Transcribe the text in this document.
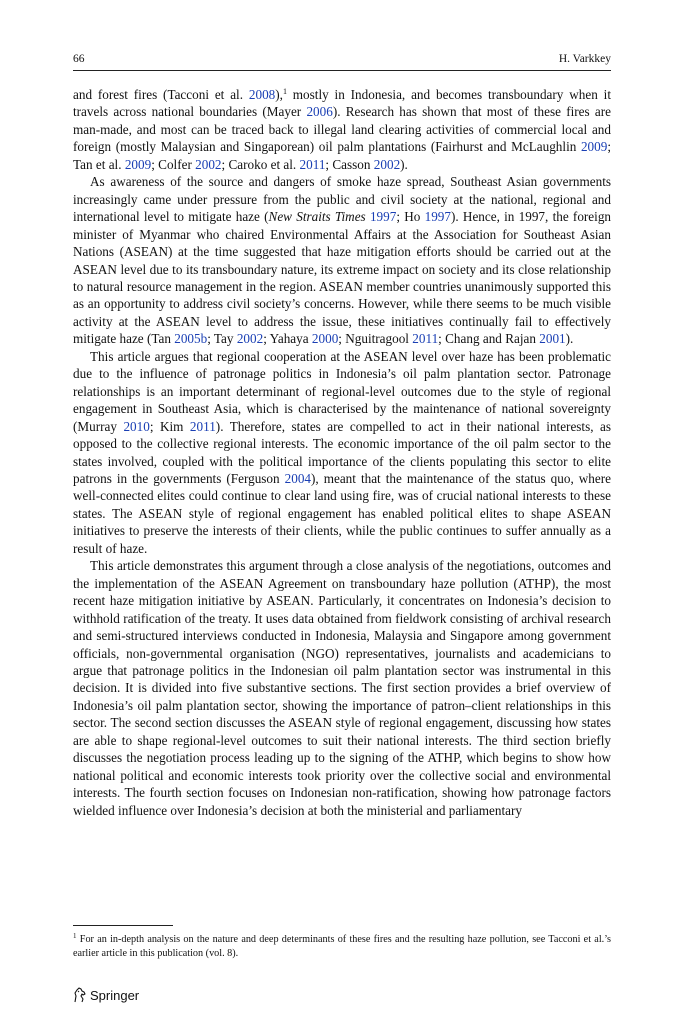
66	H. Varkkey

and forest fires (Tacconi et al. 2008),$^1$ mostly in Indonesia, and becomes transboundary when it travels across national boundaries (Mayer 2006). Research has shown that most of these fires are man-made, and most can be traced back to illegal land clearing activities of commercial local and foreign (mostly Malaysian and Singaporean) oil palm plantations (Fairhurst and McLaughlin 2009; Tan et al. 2009; Colfer 2002; Caroko et al. 2011; Casson 2002).

As awareness of the source and dangers of smoke haze spread, Southeast Asian governments increasingly came under pressure from the public and civil society at the national, regional and international level to mitigate haze (New Straits Times 1997; Ho 1997). Hence, in 1997, the foreign minister of Myanmar who chaired Environmental Affairs at the Association for Southeast Asian Nations (ASEAN) at the time suggested that haze mitigation efforts should be carried out at the ASEAN level due to its transboundary nature, its extreme impact on society and its close relationship to natural resource management in the region. ASEAN member countries unanimously supported this as an opportunity to address civil society’s concerns. However, while there seems to be much visible activity at the ASEAN level to address the issue, these initiatives continually fail to effectively mitigate haze (Tan 2005b; Tay 2002; Yahaya 2000; Nguitragool 2011; Chang and Rajan 2001).

This article argues that regional cooperation at the ASEAN level over haze has been problematic due to the influence of patronage politics in Indonesia’s oil palm plantation sector. Patronage relationships is an important determinant of regional-level outcomes due to the style of regional engagement in Southeast Asia, which is characterised by the maintenance of national sovereignty (Murray 2010; Kim 2011). Therefore, states are compelled to act in their national interests, as opposed to the collective regional interests. The economic importance of the oil palm sector to the states involved, coupled with the political importance of the clients populating this sector to elite patrons in the governments (Ferguson 2004), meant that the maintenance of the status quo, where well-connected elites could continue to clear land using fire, was of crucial national interests to these states. The ASEAN style of regional engagement has enabled political elites to shape ASEAN initiatives to preserve the interests of their clients, while the public continues to suffer annually as a result of haze.

This article demonstrates this argument through a close analysis of the negotiations, outcomes and the implementation of the ASEAN Agreement on transboundary haze pollution (ATHP), the most recent haze mitigation initiative by ASEAN. Particularly, it concentrates on Indonesia’s decision to withhold ratification of the treaty. It uses data obtained from fieldwork consisting of archival research and semi-structured interviews conducted in Indonesia, Malaysia and Singapore among government officials, non-governmental organisation (NGO) representatives, journalists and academicians to argue that patronage politics in the Indonesian oil palm plantation sector was instrumental in this decision. It is divided into five substantive sections. The first section provides a brief overview of Indonesia’s oil palm plantation sector, showing the importance of patron–client relationships in this sector. The second section discusses the ASEAN style of regional engagement, discussing how states are able to shape regional-level outcomes to suit their national interests. The third section briefly discusses the negotiation process leading up to the signing of the ATHP, which begins to show how national political and economic interests took priority over the collective social and environmental interests. The fourth section focuses on Indonesian non-ratification, showing how patronage factors wielded influence over Indonesia’s decision at both the ministerial and parliamentary

$^1$ For an in-depth analysis on the nature and deep determinants of these fires and the resulting haze pollution, see Tacconi et al.’s earlier article in this publication (vol. 8).
Springer
